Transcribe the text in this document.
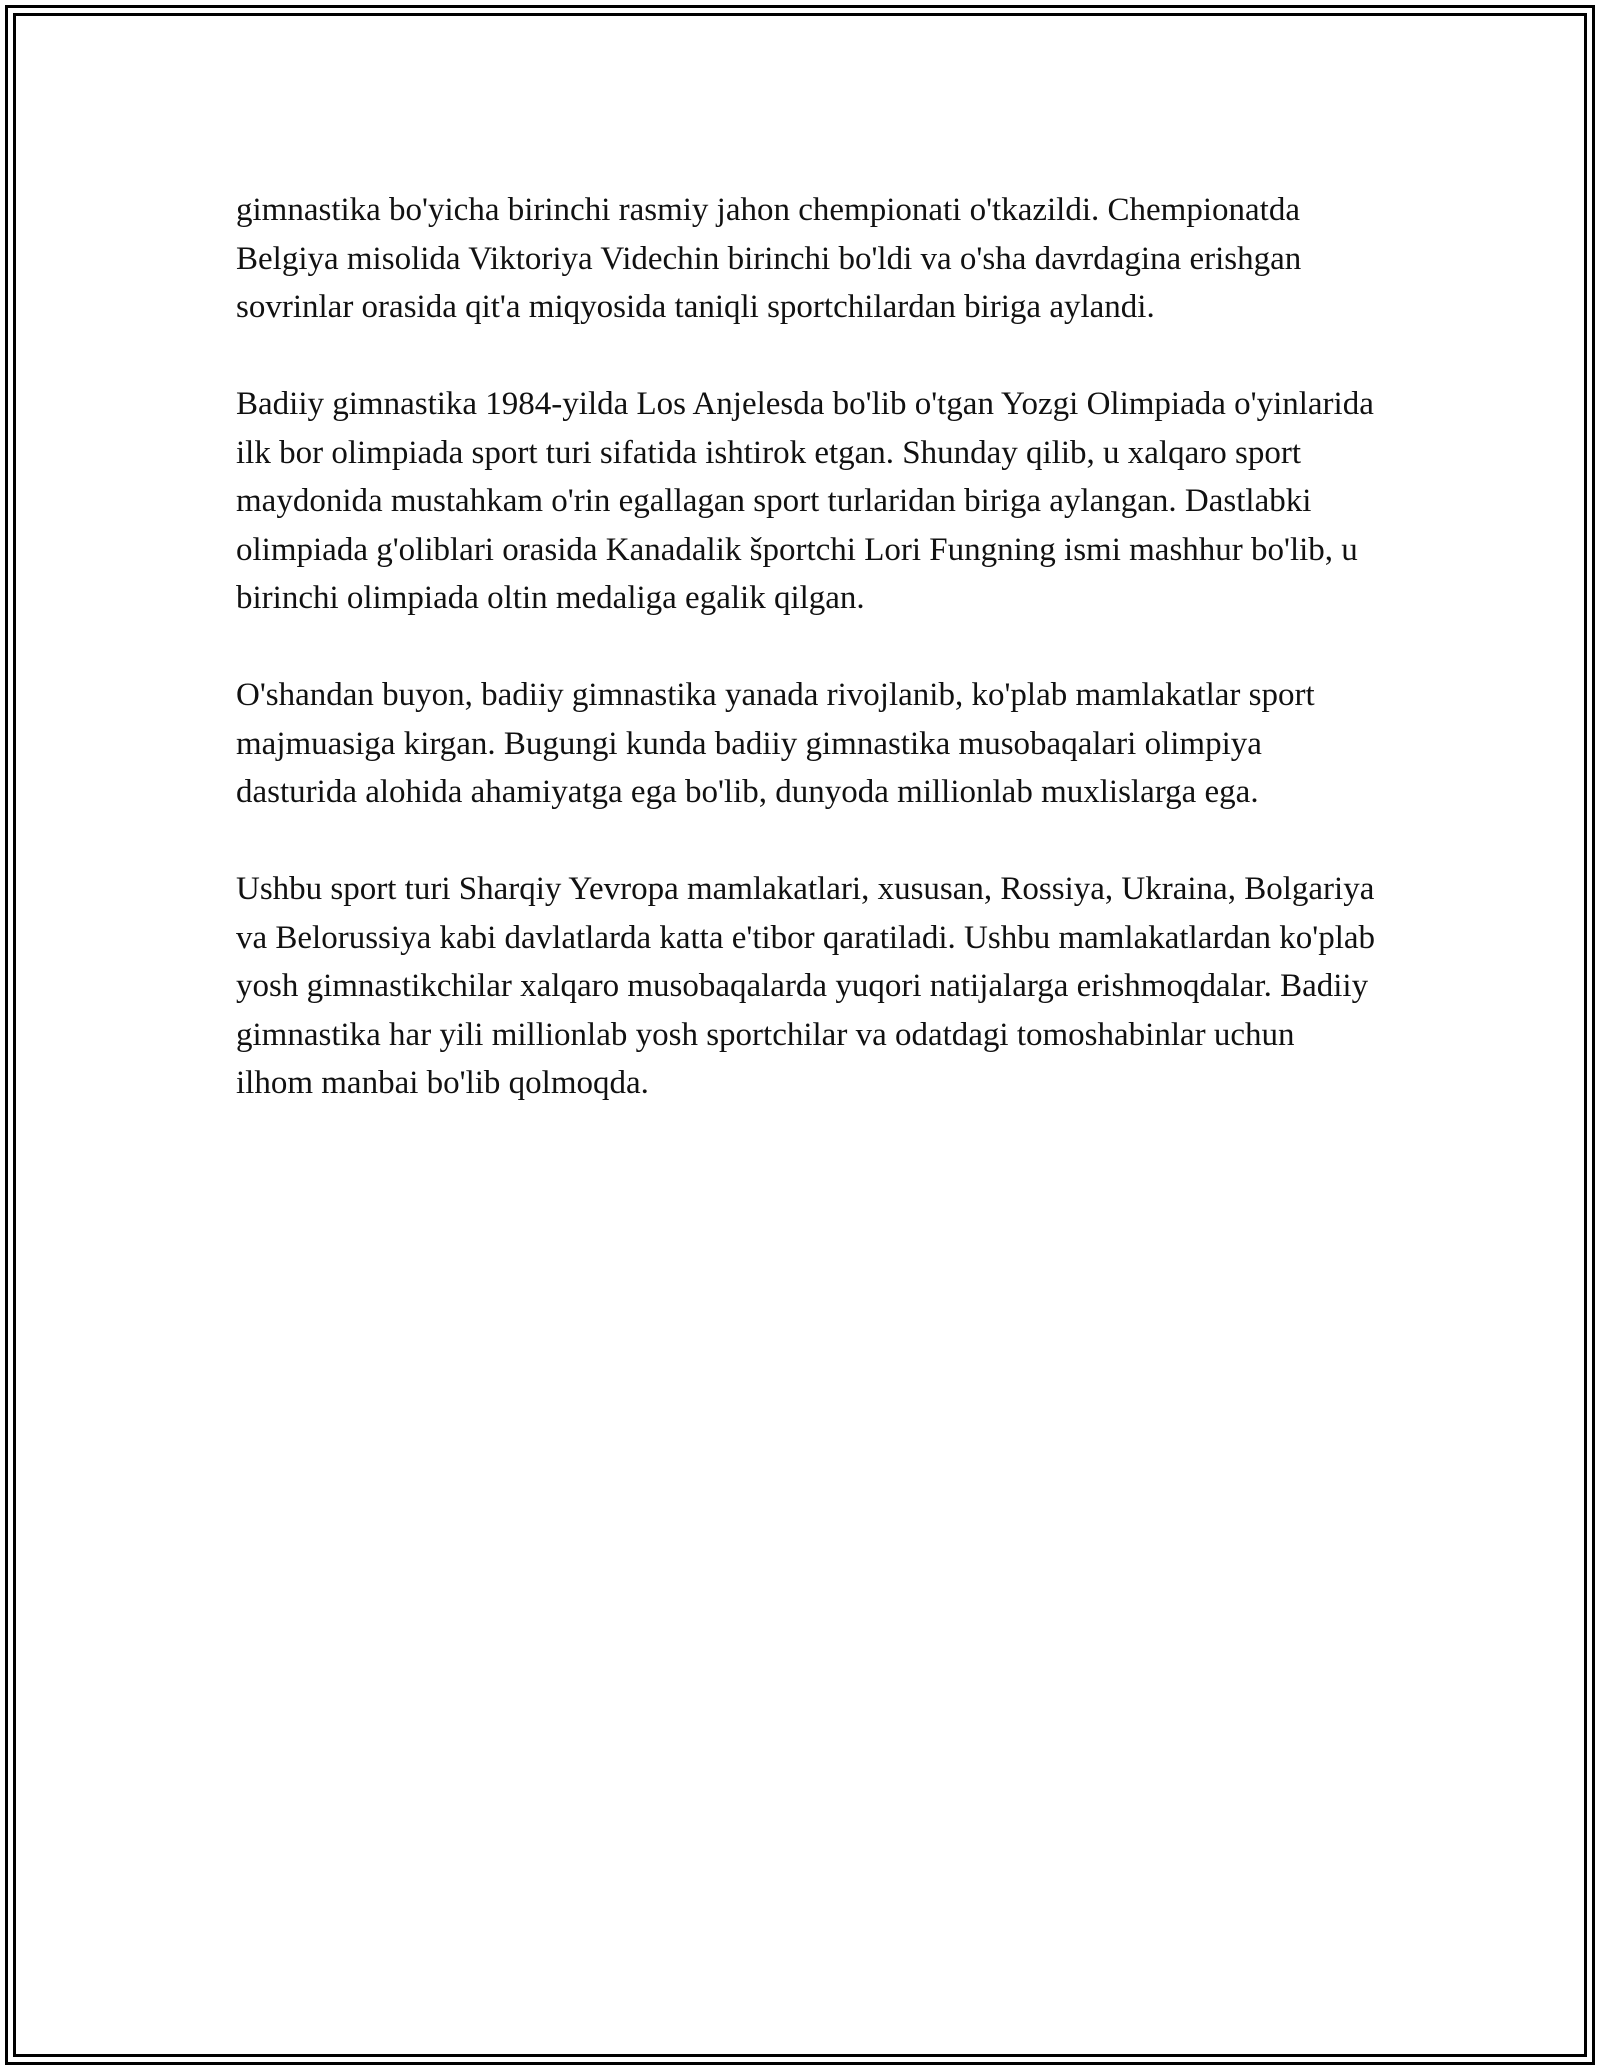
gimnastika bo'yicha birinchi rasmiy jahon chempionati o'tkazildi. Chempionatda Belgiya misolida Viktoriya Videchin birinchi bo'ldi va o'sha davrdagina erishgan sovrinlar orasida qit'a miqyosida taniqli sportchilardan biriga aylandi.

Badiiy gimnastika 1984-yilda Los Anjelesda bo'lib o'tgan Yozgi Olimpiada o'yinlarida ilk bor olimpiada sport turi sifatida ishtirok etgan. Shunday qilib, u xalqaro sport maydonida mustahkam o'rin egallagan sport turlaridan biriga aylangan. Dastlabki olimpiada g'oliblari orasida Kanadalik športchi Lori Fungning ismi mashhur bo'lib, u birinchi olimpiada oltin medaliga egalik qilgan.

O'shandan buyon, badiiy gimnastika yanada rivojlanib, ko'plab mamlakatlar sport majmuasiga kirgan. Bugungi kunda badiiy gimnastika musobaqalari olimpiya dasturida alohida ahamiyatga ega bo'lib, dunyoda millionlab muxlislarga ega.

Ushbu sport turi Sharqiy Yevropa mamlakatlari, xususan, Rossiya, Ukraina, Bolgariya va Belorussiya kabi davlatlarda katta e'tibor qaratiladi. Ushbu mamlakatlardan ko'plab yosh gimnastikchilar xalqaro musobaqalarda yuqori natijalarga erishmoqdalar. Badiiy gimnastika har yili millionlab yosh sportchilar va odatdagi tomoshabinlar uchun ilhom manbai bo'lib qolmoqda.
